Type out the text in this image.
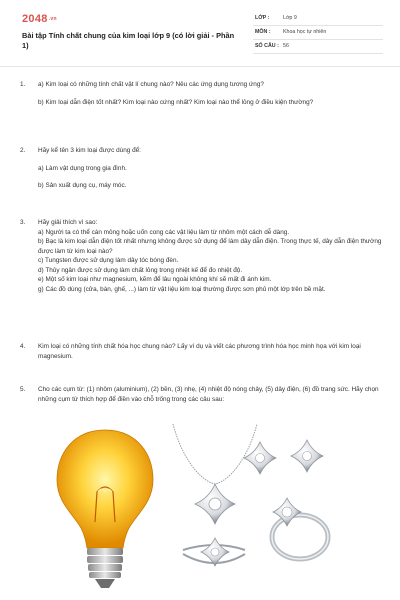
2048.vn
Bài tập Tính chất chung của kim loại lớp 9 (có lời giải - Phần 1)
LỚP :	Lớp 9
MÔN : Khoa học tự nhiên
SỐ CÂU : 56
1. a) Kim loại có những tính chất vật lí chung nào? Nêu các ứng dụng tương ứng?

b) Kim loại dẫn điện tốt nhất? Kim loại nào cứng nhất? Kim loại nào thể lỏng ở điều kiện thường?

2. Hãy kể tên 3 kim loại được dùng để:

a) Làm vật dụng trong gia đình.

b) Sản xuất dụng cụ, máy móc.

3. Hãy giải thích vì sao:

a) Người ta có thể cán mỏng hoặc uốn cong các vật liệu làm từ nhôm một cách dễ dàng.

b) Bạc là kim loại dẫn điện tốt nhất nhưng không được sử dụng để làm dây dẫn điện. Trong thực tế, dây dẫn điện thường được làm từ kim loại nào?

c) Tungsten được sử dụng làm dây tóc bóng đèn.

d) Thủy ngân được sử dụng làm chất lỏng trong nhiệt kế để đo nhiệt độ.

e) Một số kim loại như magnesium, kẽm để lâu ngoài không khí sẽ mất đi ánh kim.

g) Các đồ dùng (cửa, bàn, ghế, ...) làm từ vật liệu kim loại thường được sơn phủ một lớp trên bề mặt.

4. Kim loại có những tính chất hóa học chung nào? Lấy ví dụ và viết các phương trình hóa học minh họa với kim loại magnesium.

5. Cho các cụm từ: (1) nhôm (aluminium), (2) bền, (3) nhẹ, (4) nhiệt độ nóng chảy, (5) dây điện, (6) đồ trang sức. Hãy chọn những cụm từ thích hợp để điền vào chỗ trống trong các câu sau:
